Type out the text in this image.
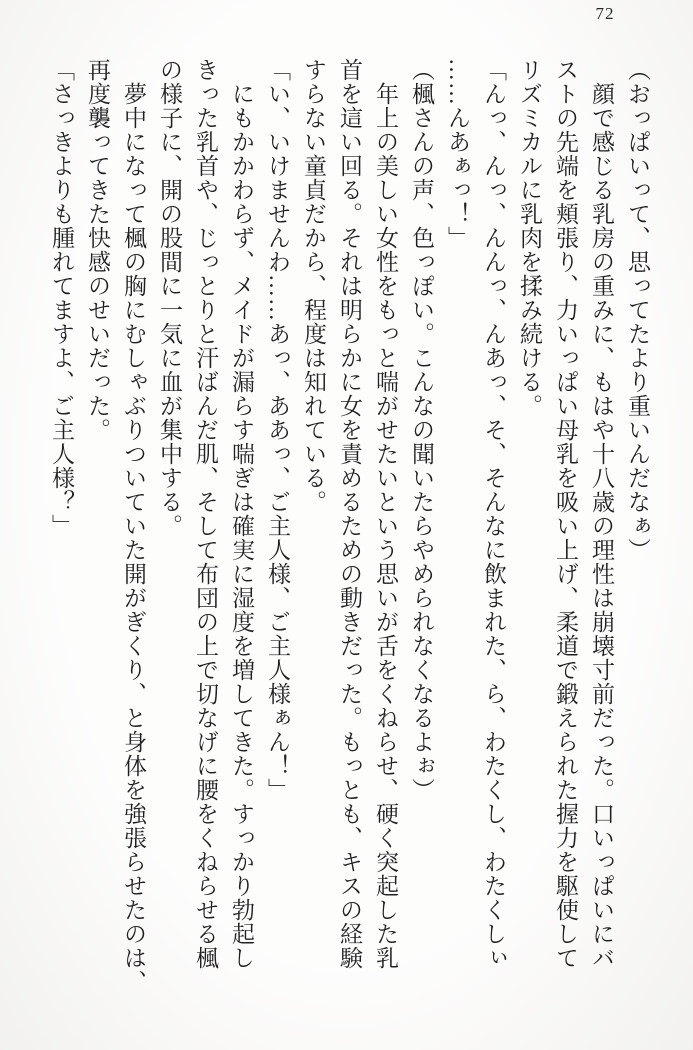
72
（おっぱいって、思ってたより重いんだなぁ）
　顔で感じる乳房の重みに、もはや十八歳の理性は崩壊寸前だった。口いっぱいにバ
ストの先端を頬張り、力いっぱい母乳を吸い上げ、柔道で鍛えられた握力を駆使して
リズミカルに乳肉を揉み続ける。
「んっ、んっ、んんっ、んあっ、そ、そんなに飲まれた、ら、わたくし、わたくしぃ
……んあぁっ！」
（楓さんの声、色っぽい。こんなの聞いたらやめられなくなるよぉ）
　年上の美しい女性をもっと喘がせたいという思いが舌をくねらせ、硬く突起した乳
首を這い回る。それは明らかに女を責めるための動きだった。もっとも、キスの経験
すらない童貞だから、程度は知れている。
「い、いけませんわ……あっ、ああっ、ご主人様、ご主人様ぁん！」
　にもかかわらず、メイドが漏らす喘ぎは確実に湿度を増してきた。すっかり勃起し
きった乳首や、じっとりと汗ばんだ肌、そして布団の上で切なげに腰をくねらせる楓
の様子に、開の股間に一気に血が集中する。
　夢中になって楓の胸にむしゃぶりついていた開がぎくり、と身体を強張らせたのは、
再度襲ってきた快感のせいだった。
「さっきよりも腫れてますよ、ご主人様？」
